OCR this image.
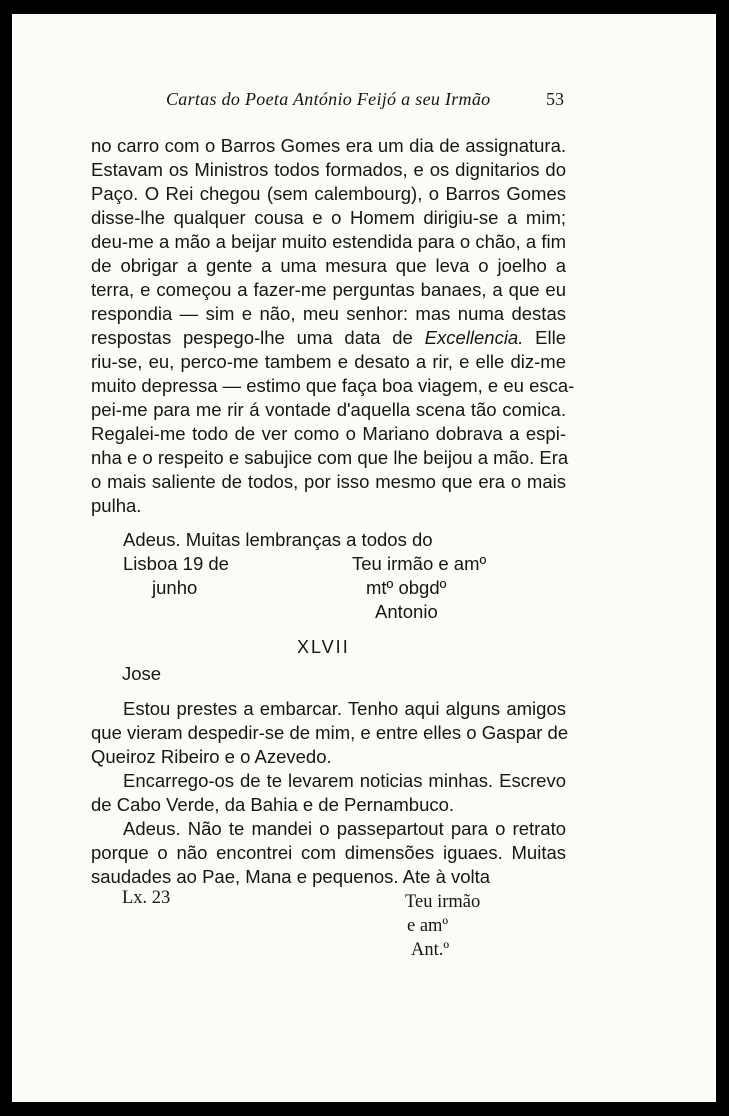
Cartas do Poeta António Feijó a seu Irmão	53
no carro com o Barros Gomes era um dia de assignatura.
Estavam os Ministros todos formados, e os dignitarios do
Paço. O Rei chegou (sem calembourg), o Barros Gomes
disse-lhe qualquer cousa e o Homem dirigiu-se a mim;
deu-me a mão a beijar muito estendida para o chão, a fim
de obrigar a gente a uma mesura que leva o joelho a
terra, e começou a fazer-me perguntas banaes, a que eu
respondia — sim e não, meu senhor: mas numa destas
respostas pespego-lhe uma data de Excellencia. Elle
riu-se, eu, perco-me tambem e desato a rir, e elle diz-me
muito depressa — estimo que faça boa viagem, e eu esca-
pei-me para me rir á vontade d'aquella scena tão comica.
Regalei-me todo de ver como o Mariano dobrava a espi-
nha e o respeito e sabujice com que lhe beijou a mão. Era
o mais saliente de todos, por isso mesmo que era o mais
pulha.
Adeus. Muitas lembranças a todos do
Lisboa 19 de
junho
Teu irmão e amº
mtº obgdº
Antonio
XLVII
Jose
Estou prestes a embarcar. Tenho aqui alguns amigos
que vieram despedir-se de mim, e entre elles o Gaspar de
Queiroz Ribeiro e o Azevedo.
Encarrego-os de te levarem noticias minhas. Escrevo
de Cabo Verde, da Bahia e de Pernambuco.
Adeus. Não te mandei o passepartout para o retrato
porque o não encontrei com dimensões iguaes. Muitas
saudades ao Pae, Mana e pequenos. Ate à volta
Lx. 23	Teu irmão
e amº
Ant.º
